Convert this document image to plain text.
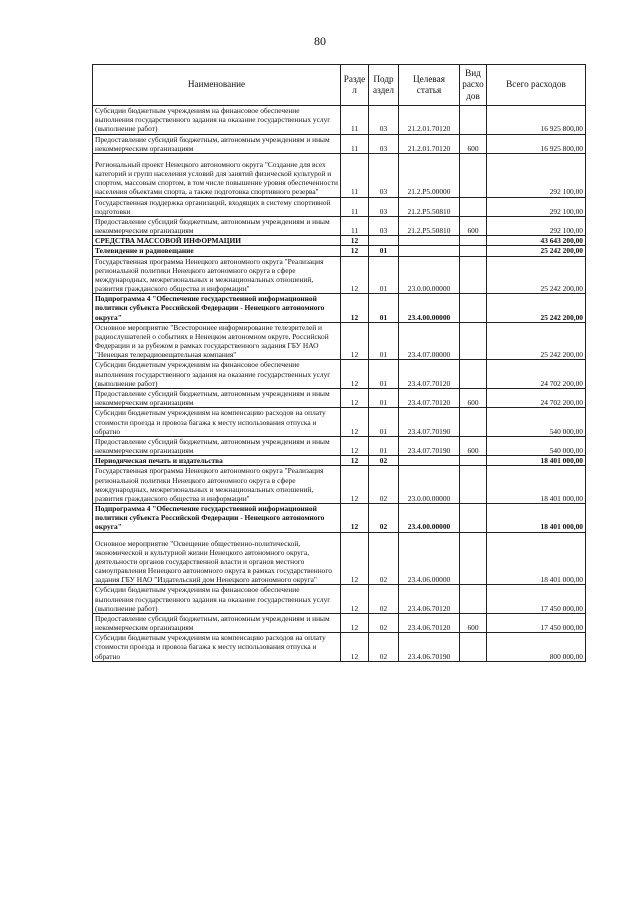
80
Наименование	Разде л	Подр аздел	Целевая статья	Вид расхо дов	Всего расходов
Субсидии бюджетным учреждениям на финансовое обеспечение выполнения государственного задания на оказание государственных услуг (выполнение работ)	11	03	21.2.01.70120		16 925 800,00
Предоставление субсидий бюджетным, автономным учреждениям и иным некоммерческим организациям	11	03	21.2.01.70120	600	16 925 800,00
Региональный проект Ненецкого автономного округа "Создание для всех категорий и групп населения условий для занятий физической культурой и спортом, массовым спортом, в том числе повышение уровня обеспеченности населения объектами спорта, а также подготовка спортивного резерва"	11	03	21.2.P5.00000		292 100,00
Государственная поддержка организаций, входящих в систему спортивной подготовки	11	03	21.2.P5.50810		292 100,00
Предоставление субсидий бюджетным, автономным учреждениям и иным некоммерческим организациям	11	03	21.2.P5.50810	600	292 100,00
СРЕДСТВА МАССОВОЙ ИНФОРМАЦИИ	12				43 643 200,00
Телевидение и радиовещание	12	01			25 242 200,00
Государственная программа Ненецкого автономного округа "Реализация региональной политики Ненецкого автономного округа в сфере международных, межрегиональных и межнациональных отношений, развития гражданского общества и информации"	12	01	23.0.00.00000		25 242 200,00
Подпрограмма 4 "Обеспечение государственной информационной политики субъекта Российской Федерации - Ненецкого автономного округа"	12	01	23.4.00.00000		25 242 200,00
Основное мероприятие "Всестороннее информирование телезрителей и радиослушателей о событиях в Ненецком автономном округе, Российской Федерации и за рубежом в рамках государственного задания ГБУ НАО "Ненецкая телерадиовещательная компания"	12	01	23.4.07.00000		25 242 200,00
Субсидии бюджетным учреждениям на финансовое обеспечение выполнения государственного задания на оказание государственных услуг (выполнение работ)	12	01	23.4.07.70120		24 702 200,00
Предоставление субсидий бюджетным, автономным учреждениям и иным некоммерческим организациям	12	01	23.4.07.70120	600	24 702 200,00
Субсидии бюджетным учреждениям на компенсацию расходов на оплату стоимости проезда и провоза багажа к месту использования отпуска и обратно	12	01	23.4.07.70190		540 000,00
Предоставление субсидий бюджетным, автономным учреждениям и иным некоммерческим организациям	12	01	23.4.07.70190	600	540 000,00
Периодическая печать и издательства	12	02			18 401 000,00
Государственная программа Ненецкого автономного округа "Реализация региональной политики Ненецкого автономного округа в сфере международных, межрегиональных и межнациональных отношений, развития гражданского общества и информации"	12	02	23.0.00.00000		18 401 000,00
Подпрограмма 4 "Обеспечение государственной информационной политики субъекта Российской Федерации - Ненецкого автономного округа"	12	02	23.4.00.00000		18 401 000,00
Основное мероприятие "Освещение общественно-политической, экономической и культурной жизни Ненецкого автономного округа, деятельности органов государственной власти и органов местного самоуправления Ненецкого автономного округа в рамках государственного задания ГБУ НАО "Издательский дом Ненецкого автономного округа"	12	02	23.4.06.00000		18 401 000,00
Субсидии бюджетным учреждениям на финансовое обеспечение выполнения государственного задания на оказание государственных услуг (выполнение работ)	12	02	23.4.06.70120		17 450 000,00
Предоставление субсидий бюджетным, автономным учреждениям и иным некоммерческим организациям	12	02	23.4.06.70120	600	17 450 000,00
Субсидии бюджетным учреждениям на компенсацию расходов на оплату стоимости проезда и провоза багажа к месту использования отпуска и обратно	12	02	23.4.06.70190		800 000,00
